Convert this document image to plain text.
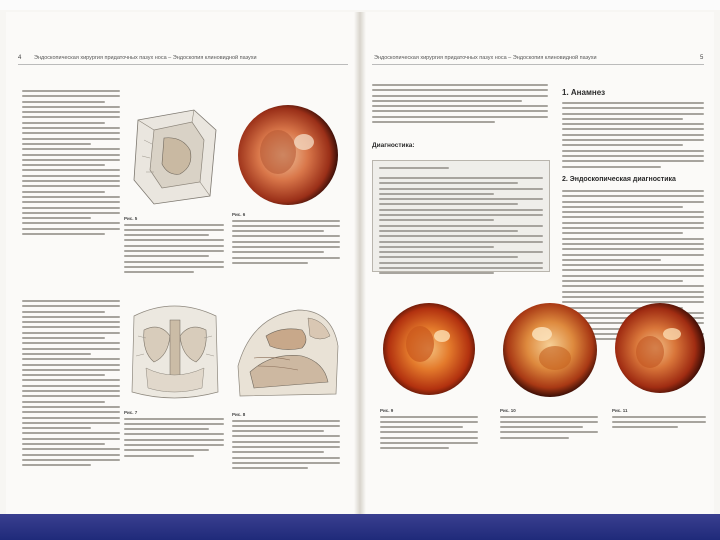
4 Эндоскопическая хирургия придаточных пазух носа – Эндоскопия клиновидной пазухи
Рис. 5
Рис. 6
Рис. 7	Рис. 8
Эндоскопическая хирургия придаточных пазух носа – Эндоскопия клиновидной пазухи	5
Диагностика:
1. Анамнез
2. Эндоскопическая диагностика
Рис. 9	Рис. 10	Рис. 11
